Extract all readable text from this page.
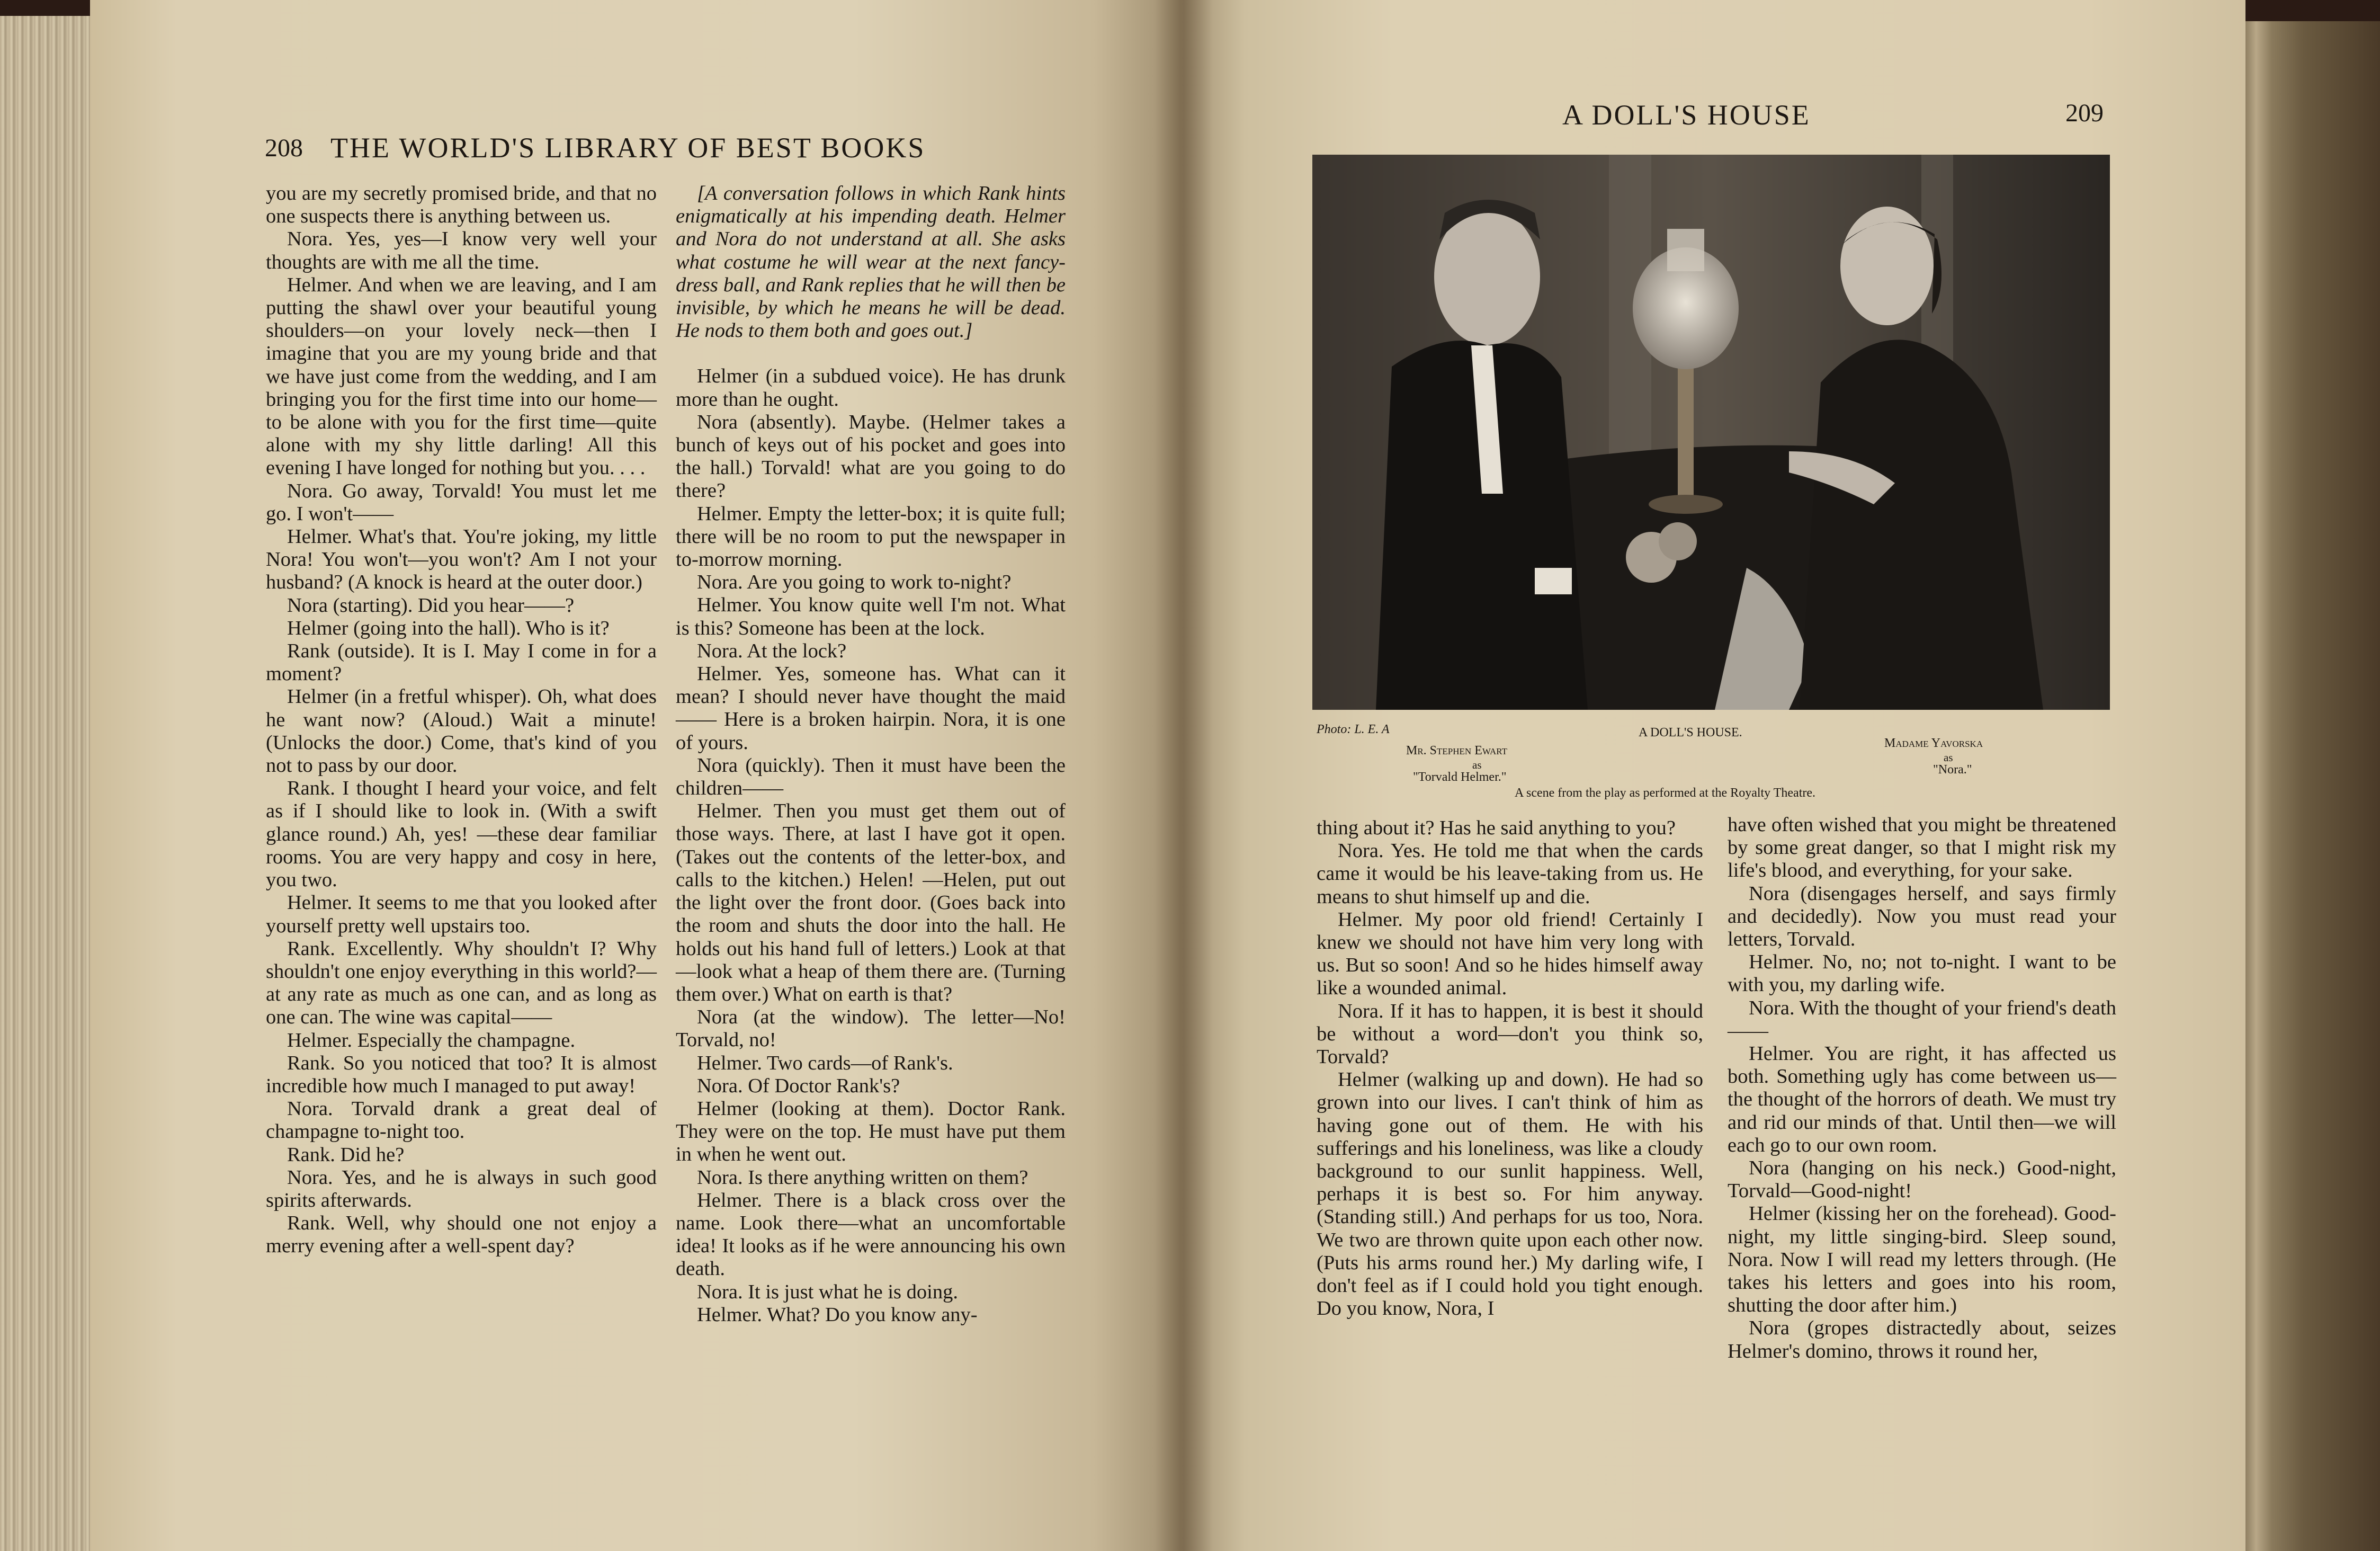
208 THE WORLD'S LIBRARY OF BEST BOOKS

you are my secretly promised bride, and that no one suspects there is anything between us.

Nora. Yes, yes—I know very well your thoughts are with me all the time.

Helmer. And when we are leaving, and I am putting the shawl over your beautiful young shoulders—on your lovely neck—then I imagine that you are my young bride and that we have just come from the wedding, and I am bringing you for the first time into our home—to be alone with you for the first time—quite alone with my shy little darling! All this evening I have longed for nothing but you. . . .

Nora. Go away, Torvald! You must let me go. I won't——

Helmer. What's that. You're joking, my little Nora! You won't—you won't? Am I not your husband? (A knock is heard at the outer door.)

Nora (starting). Did you hear——?

Helmer (going into the hall). Who is it?

Rank (outside). It is I. May I come in for a moment?

Helmer (in a fretful whisper). Oh, what does he want now? (Aloud.) Wait a minute! (Unlocks the door.) Come, that's kind of you not to pass by our door.

Rank. I thought I heard your voice, and felt as if I should like to look in. (With a swift glance round.) Ah, yes! —these dear familiar rooms. You are very happy and cosy in here, you two.

Helmer. It seems to me that you looked after yourself pretty well upstairs too.

Rank. Excellently. Why shouldn't I? Why shouldn't one enjoy everything in this world?—at any rate as much as one can, and as long as one can. The wine was capital——

Helmer. Especially the champagne.

Rank. So you noticed that too? It is almost incredible how much I managed to put away!

Nora. Torvald drank a great deal of champagne to-night too.

Rank. Did he?

Nora. Yes, and he is always in such good spirits afterwards.

Rank. Well, why should one not enjoy a merry evening after a well-spent day?

[A conversation follows in which Rank hints enigmatically at his impending death. Helmer and Nora do not understand at all. She asks what costume he will wear at the next fancy-dress ball, and Rank replies that he will then be invisible, by which he means he will be dead. He nods to them both and goes out.]

Helmer (in a subdued voice). He has drunk more than he ought.

Nora (absently). Maybe. (Helmer takes a bunch of keys out of his pocket and goes into the hall.) Torvald! what are you going to do there?

Helmer. Empty the letter-box; it is quite full; there will be no room to put the newspaper in to-morrow morning.

Nora. Are you going to work to-night?

Helmer. You know quite well I'm not. What is this? Someone has been at the lock.

Nora. At the lock?

Helmer. Yes, someone has. What can it mean? I should never have thought the maid—— Here is a broken hairpin. Nora, it is one of yours.

Nora (quickly). Then it must have been the children——

Helmer. Then you must get them out of those ways. There, at last I have got it open. (Takes out the contents of the letter-box, and calls to the kitchen.) Helen! —Helen, put out the light over the front door. (Goes back into the room and shuts the door into the hall. He holds out his hand full of letters.) Look at that—look what a heap of them there are. (Turning them over.) What on earth is that?

Nora (at the window). The letter—No! Torvald, no!

Helmer. Two cards—of Rank's.

Nora. Of Doctor Rank's?

Helmer (looking at them). Doctor Rank. They were on the top. He must have put them in when he went out.

Nora. Is there anything written on them?

Helmer. There is a black cross over the name. Look there—what an uncomfortable idea! It looks as if he were announcing his own death.

Nora. It is just what he is doing.

Helmer. What? Do you know any-

A DOLL'S HOUSE	209
Photo: L. E. A	A DOLL'S HOUSE.
Mr. Stephen Ewart
as
"Torvald Helmer."
Madame Yavorska
as
"Nora."
A scene from the play as performed at the Royalty Theatre.

thing about it? Has he said anything to you?

Nora. Yes. He told me that when the cards came it would be his leave-taking from us. He means to shut himself up and die.

Helmer. My poor old friend! Certainly I knew we should not have him very long with us. But so soon! And so he hides himself away like a wounded animal.

Nora. If it has to happen, it is best it should be without a word—don't you think so, Torvald?

Helmer (walking up and down). He had so grown into our lives. I can't think of him as having gone out of them. He with his sufferings and his loneliness, was like a cloudy background to our sunlit happiness. Well, perhaps it is best so. For him anyway. (Standing still.) And perhaps for us too, Nora. We two are thrown quite upon each other now. (Puts his arms round her.) My darling wife, I don't feel as if I could hold you tight enough. Do you know, Nora, I

have often wished that you might be threatened by some great danger, so that I might risk my life's blood, and everything, for your sake.

Nora (disengages herself, and says firmly and decidedly). Now you must read your letters, Torvald.

Helmer. No, no; not to-night. I want to be with you, my darling wife.

Nora. With the thought of your friend's death——

Helmer. You are right, it has affected us both. Something ugly has come between us—the thought of the horrors of death. We must try and rid our minds of that. Until then—we will each go to our own room.

Nora (hanging on his neck.) Good-night, Torvald—Good-night!

Helmer (kissing her on the forehead). Good-night, my little singing-bird. Sleep sound, Nora. Now I will read my letters through. (He takes his letters and goes into his room, shutting the door after him.)

Nora (gropes distractedly about, seizes Helmer's domino, throws it round her,
